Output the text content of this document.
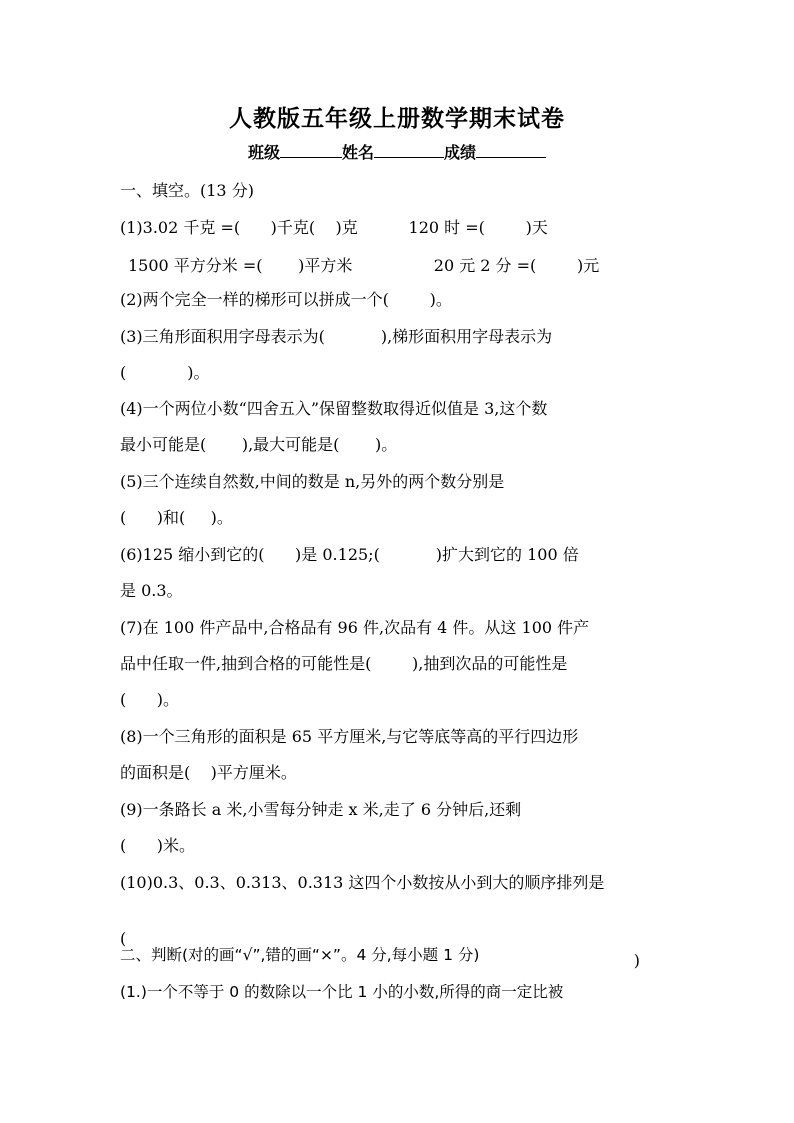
人教版五年级上册数学期末试卷
班级	姓名	成绩
一、填空。(13 分)
(1)3.02 千克 =(      )千克(    )克          120 时 =(        )天
1500 平方分米 =(       )平方米                20 元 2 分 =(        )元
(2)两个完全一样的梯形可以拼成一个(        )。
(3)三角形面积用字母表示为(           ),梯形面积用字母表示为
(            )。
(4)一个两位小数“四舍五入”保留整数取得近似值是 3,这个数
最小可能是(       ),最大可能是(       )。
(5)三个连续自然数,中间的数是 n,另外的两个数分别是
(      )和(     )。
(6)125 缩小到它的(      )是 0.125;(           )扩大到它的 100 倍
是 0.3。
(7)在 100 件产品中,合格品有 96 件,次品有 4 件。从这 100 件产
品中任取一件,抽到合格的可能性是(        ),抽到次品的可能性是
(      )。
(8)一个三角形的面积是 65 平方厘米,与它等底等高的平行四边形
的面积是(    )平方厘米。
(9)一条路长 a 米,小雪每分钟走 x 米,走了 6 分钟后,还剩
(      )米。
(10)0.3、0.3、0.313、0.313 这四个小数按从小到大的顺序排列是

(

)

二、判断(对的画“√”,错的画“×”。4 分,每小题 1 分)
(1.)一个不等于 0 的数除以一个比 1 小的小数,所得的商一定比被
